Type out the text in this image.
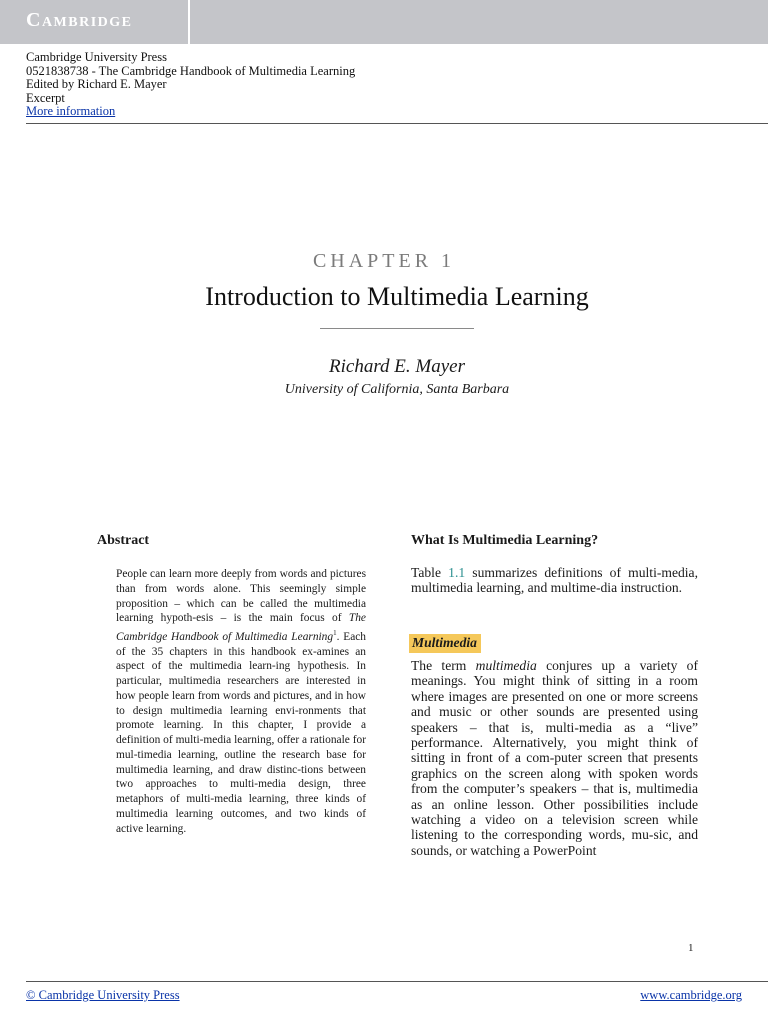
Cambridge
Cambridge University Press
0521838738 - The Cambridge Handbook of Multimedia Learning
Edited by Richard E. Mayer
Excerpt
More information
CHAPTER 1
Introduction to Multimedia Learning
Richard E. Mayer
University of California, Santa Barbara
Abstract
People can learn more deeply from words and pictures than from words alone. This seemingly simple proposition – which can be called the multimedia learning hypoth-esis – is the main focus of The Cambridge Handbook of Multimedia Learning$^1$. Each of the 35 chapters in this handbook ex-amines an aspect of the multimedia learn-ing hypothesis. In particular, multimedia researchers are interested in how people learn from words and pictures, and in how to design multimedia learning envi-ronments that promote learning. In this chapter, I provide a definition of multi-media learning, offer a rationale for mul-timedia learning, outline the research base for multimedia learning, and draw distinc-tions between two approaches to multi-media design, three metaphors of multi-media learning, three kinds of multimedia learning outcomes, and two kinds of active learning.
What Is Multimedia Learning?
Table 1.1 summarizes definitions of multi-media, multimedia learning, and multime-dia instruction.
Multimedia
The term multimedia conjures up a variety of meanings. You might think of sitting in a room where images are presented on one or more screens and music or other sounds are presented using speakers – that is, multi-media as a “live” performance. Alternatively, you might think of sitting in front of a com-puter screen that presents graphics on the screen along with spoken words from the computer’s speakers – that is, multimedia as an online lesson. Other possibilities include watching a video on a television screen while listening to the corresponding words, mu-sic, and sounds, or watching a PowerPoint
1
© Cambridge University Press	www.cambridge.org
